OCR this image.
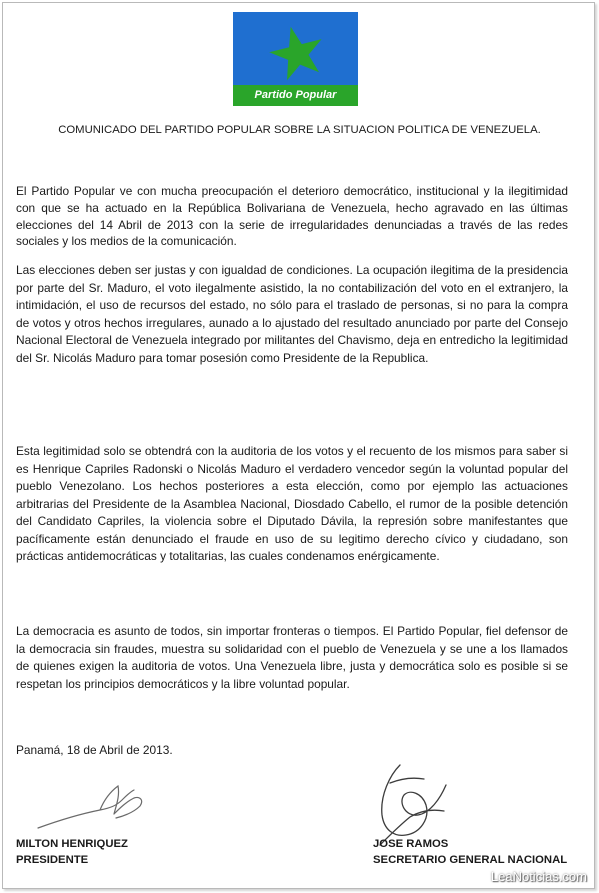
Partido Popular
COMUNICADO DEL PARTIDO POPULAR SOBRE LA SITUACION POLITICA DE VENEZUELA.
El Partido Popular ve con mucha preocupación el deterioro democrático, institucional y la ilegitimidad con que se ha actuado en la República Bolivariana de Venezuela, hecho agravado en las últimas elecciones del 14 Abril de 2013 con la serie de irregularidades denunciadas a través de las redes sociales y los medios de la comunicación.
Las elecciones deben ser justas y con igualdad de condiciones. La ocupación ilegitima de la presidencia por parte del Sr. Maduro, el voto ilegalmente asistido, la no contabilización del voto en el extranjero, la intimidación, el uso de recursos del estado, no sólo para el traslado de personas, si no para la compra de votos y otros hechos irregulares, aunado a lo ajustado del resultado anunciado por parte del Consejo Nacional Electoral de Venezuela integrado por militantes del Chavismo, deja en entredicho la legitimidad del Sr. Nicolás Maduro para tomar posesión como Presidente de la Republica.
Esta legitimidad solo se obtendrá con la auditoria de los votos y el recuento de los mismos para saber si es Henrique Capriles Radonski o Nicolás Maduro el verdadero vencedor según la voluntad popular del pueblo Venezolano. Los hechos posteriores a esta elección, como por ejemplo las actuaciones arbitrarias del Presidente de la Asamblea Nacional, Diosdado Cabello, el rumor de la posible detención del Candidato Capriles, la violencia sobre el Diputado Dávila, la represión sobre manifestantes que pacíficamente están denunciado el fraude en uso de su legitimo derecho cívico y ciudadano, son prácticas antidemocráticas y totalitarias, las cuales condenamos enérgicamente.
La democracia es asunto de todos, sin importar fronteras o tiempos. El Partido Popular, fiel defensor de la democracia sin fraudes, muestra su solidaridad con el pueblo de Venezuela y se une a los llamados de quienes exigen la auditoria de votos. Una Venezuela libre, justa y democrática solo es posible si se respetan los principios democráticos y la libre voluntad popular.
Panamá, 18 de Abril de 2013.
MILTON HENRIQUEZ
PRESIDENTE
JOSE RAMOS
SECRETARIO GENERAL NACIONAL
LeaNoticias.com
